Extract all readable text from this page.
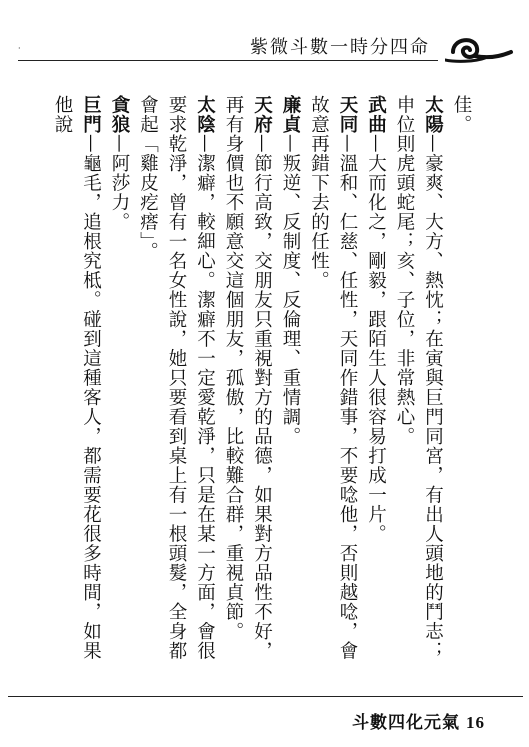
·	紫微斗數一時分四命

佳。

太陽—豪爽、大方、熱忱；在寅與巨門同宮，有出人頭地的鬥志；申位則虎頭蛇尾；亥、子位，非常熱心。

武曲—大而化之，剛毅，跟陌生人很容易打成一片。

天同—溫和、仁慈、任性，天同作錯事，不要唸他，否則越唸，會故意再錯下去的任性。

廉貞—叛逆、反制度、反倫理、重情調。

天府—節行高致，交朋友只重視對方的品德，如果對方品性不好，再有身價也不願意交這個朋友，孤傲，比較難合群，重視貞節。

太陰—潔癖，較細心。潔癖不一定愛乾淨，只是在某一方面，會很要求乾淨，曾有一名女性說，她只要看到桌上有一根頭髮，全身都會起「雞皮疙瘩」。

貪狼—阿莎力。

巨門—龜毛，追根究柢。碰到這種客人，都需要花很多時間，如果他說

斗數四化元氣 16
